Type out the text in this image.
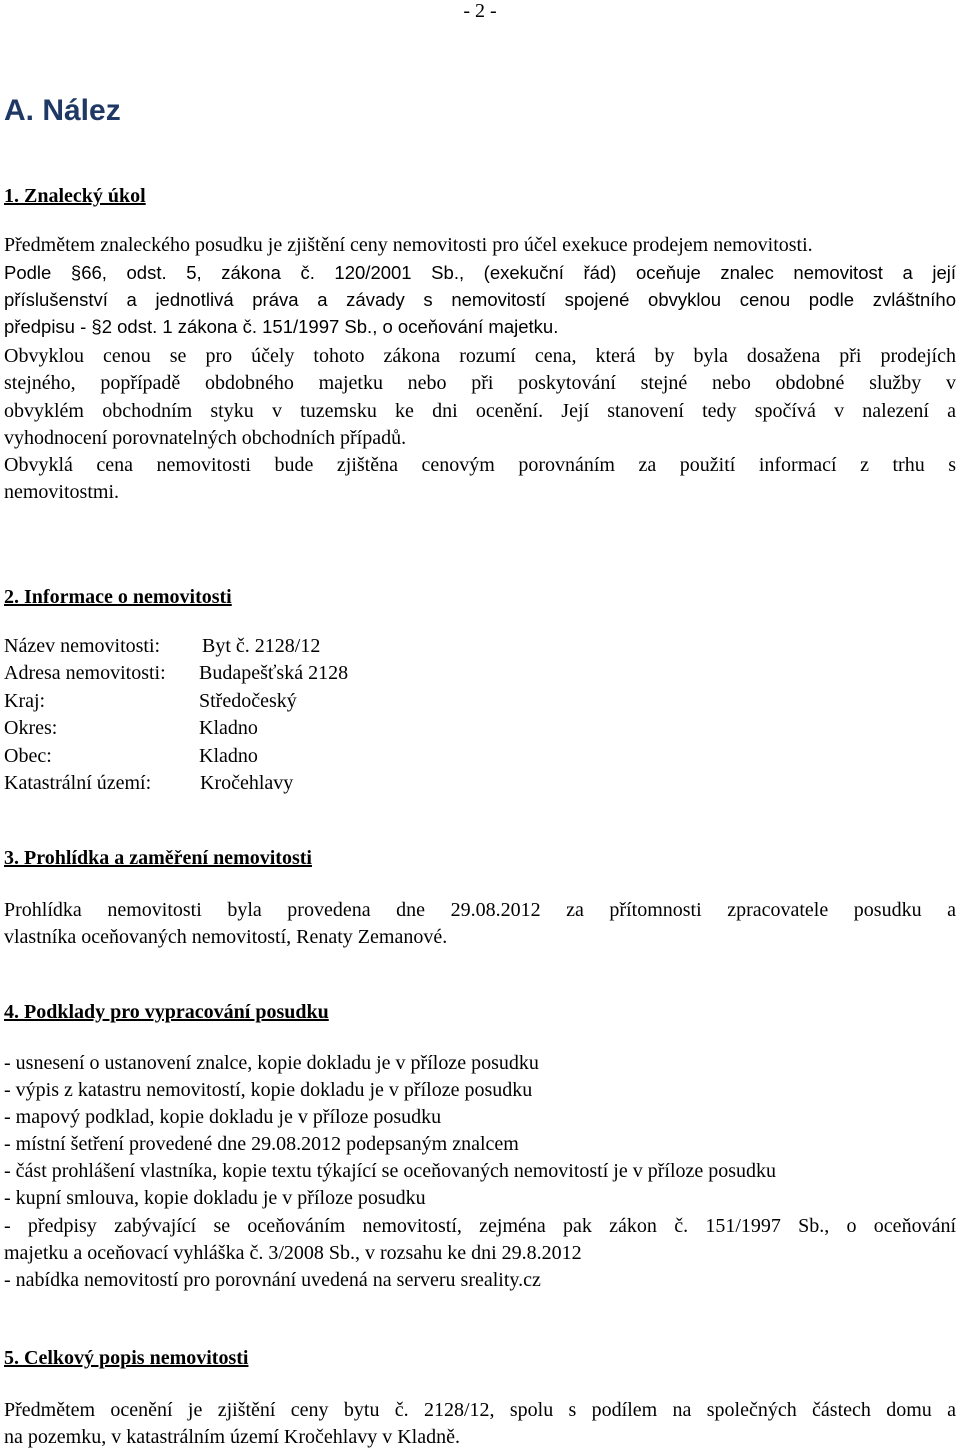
- 2 -
A. Nález
1. Znalecký úkol
Předmětem znaleckého posudku je zjištění ceny nemovitosti pro účel exekuce prodejem nemovitosti.
Podle §66, odst. 5, zákona č. 120/2001 Sb., (exekuční řád) oceňuje znalec nemovitost a její
příslušenství a jednotlivá práva a závady s nemovitostí spojené obvyklou cenou podle zvláštního
předpisu - §2 odst. 1 zákona č. 151/1997 Sb., o oceňování majetku.
Obvyklou cenou se pro účely tohoto zákona rozumí cena, která by byla dosažena při prodejích
stejného, popřípadě obdobného majetku nebo při poskytování stejné nebo obdobné služby v
obvyklém obchodním styku v tuzemsku ke dni ocenění. Její stanovení tedy spočívá v nalezení a
vyhodnocení porovnatelných obchodních případů.
Obvyklá cena nemovitosti bude zjištěna cenovým porovnáním za použití informací z trhu s
nemovitostmi.
2. Informace o nemovitosti
Název nemovitosti: Byt č. 2128/12
Adresa nemovitosti: Budapešťská 2128
Kraj:	Středočeský
Okres:	Kladno
Obec:	Kladno
Katastrální území: Kročehlavy
3. Prohlídka a zaměření nemovitosti
Prohlídka nemovitosti byla provedena dne 29.08.2012 za přítomnosti zpracovatele posudku a
vlastníka oceňovaných nemovitostí, Renaty Zemanové.
4. Podklady pro vypracování posudku
- usnesení o ustanovení znalce, kopie dokladu je v příloze posudku
- výpis z katastru nemovitostí, kopie dokladu je v příloze posudku
- mapový podklad, kopie dokladu je v příloze posudku
- místní šetření provedené dne 29.08.2012 podepsaným znalcem
- část prohlášení vlastníka, kopie textu týkající se oceňovaných nemovitostí je v příloze posudku
- kupní smlouva, kopie dokladu je v příloze posudku
- předpisy zabývající se oceňováním nemovitostí, zejména pak zákon č. 151/1997 Sb., o oceňování
majetku a oceňovací vyhláška č. 3/2008 Sb., v rozsahu ke dni 29.8.2012
- nabídka nemovitostí pro porovnání uvedená na serveru sreality.cz
5. Celkový popis nemovitosti
Předmětem ocenění je zjištění ceny bytu č. 2128/12, spolu s podílem na společných částech domu a
na pozemku, v katastrálním území Kročehlavy v Kladně.
